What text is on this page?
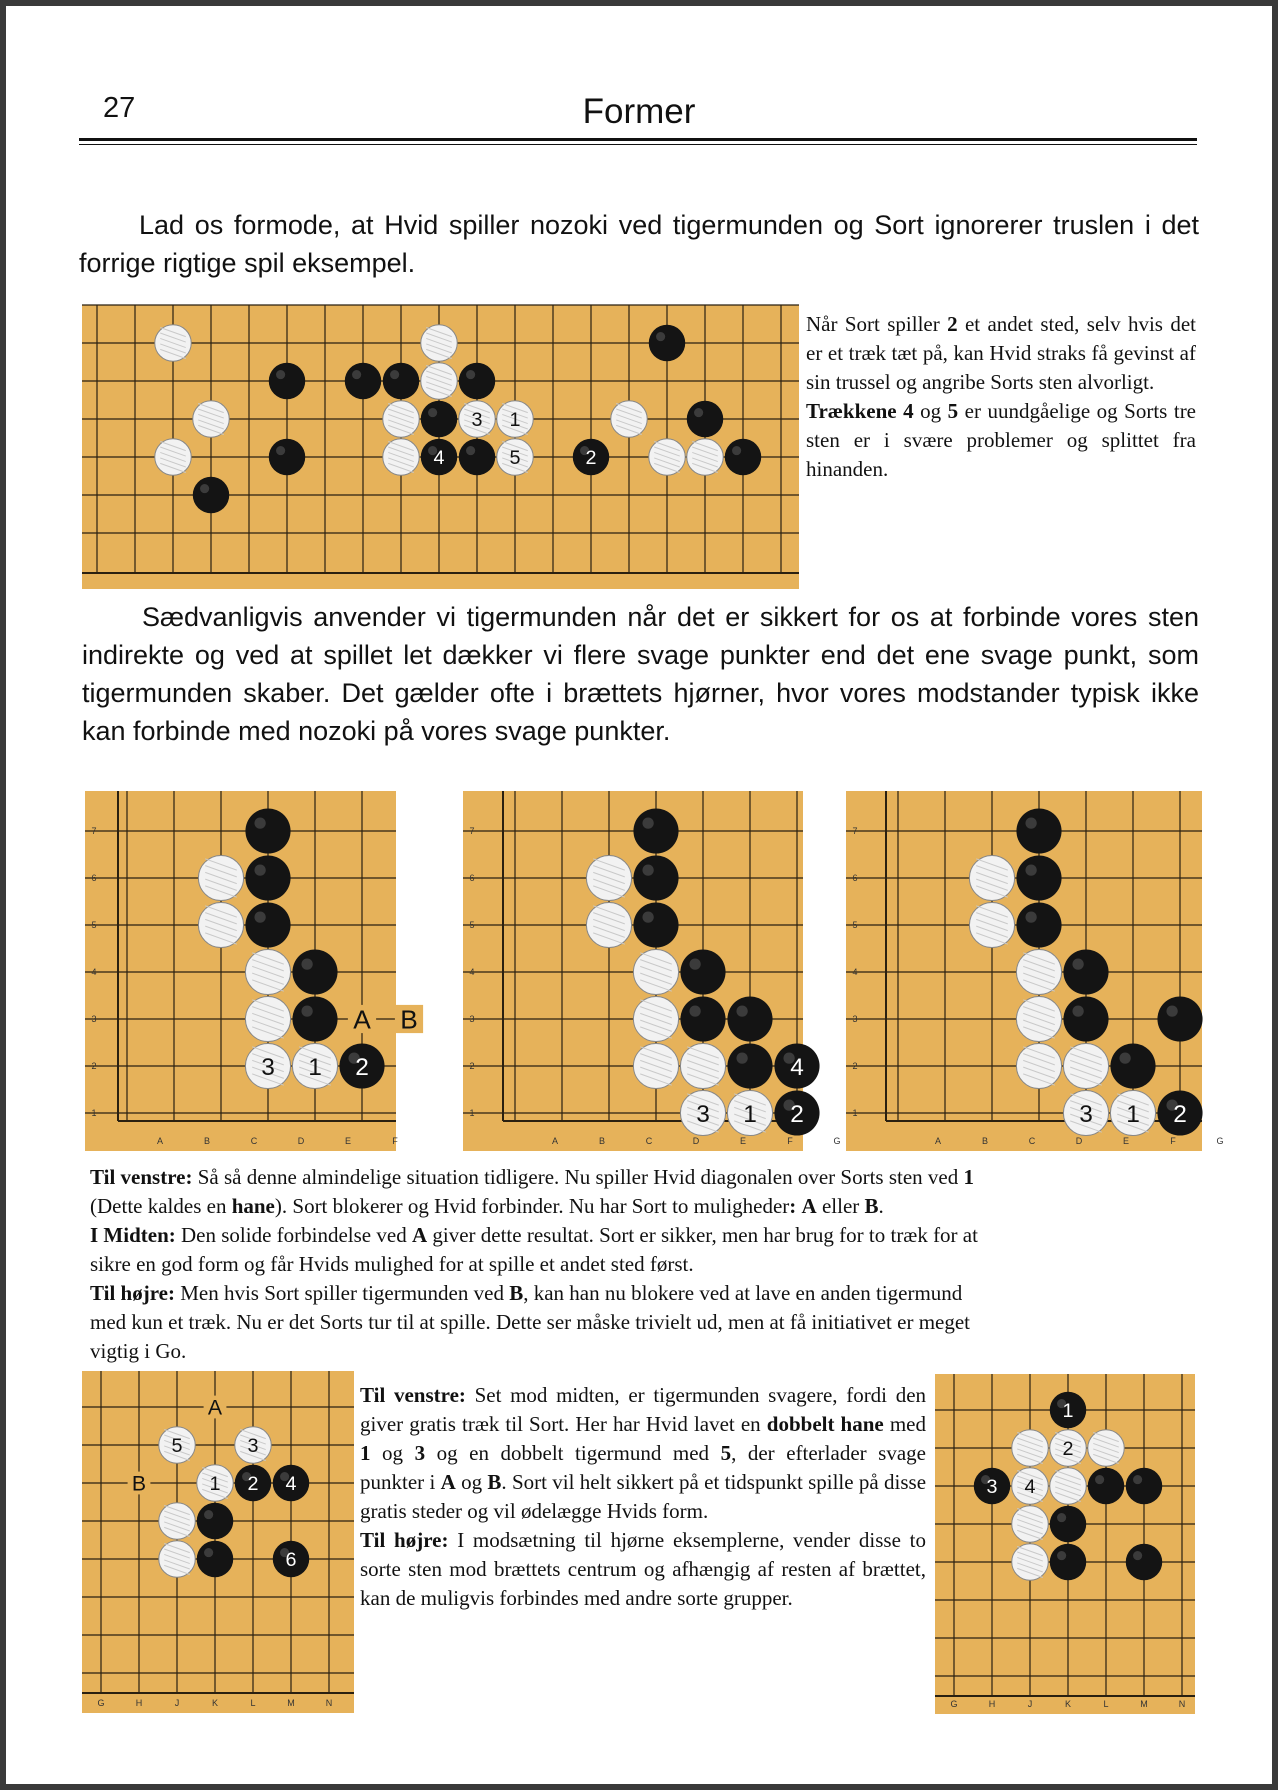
27	Former
Lad os formode, at Hvid spiller nozoki ved tigermunden og Sort ignorerer truslen i det forrige rigtige spil eksempel.
3 1
4	5	2
Når Sort spiller 2 et andet sted, selv hvis det er et træk tæt på, kan Hvid straks få gevinst af sin trussel og angribe Sorts sten alvorligt.
Trækkene 4 og 5 er uundgåelige og Sorts tre sten er i svære problemer og splittet fra hinanden.
Sædvanligvis anvender vi tigermunden når det er sikkert for os at forbinde vores sten indirekte og ved at spillet let dækker vi flere svage punkter end det ene svage punkt, som tigermunden skaber. Det gælder ofte i brættets hjørner, hvor vores modstander typisk ikke kan forbinde med nozoki på vores svage punkter.
A	B	C	D	E	F
7
6
5
4
3
2
1
3 1 2
A B
A	B	C	D	E	F	G
7
6
5
4
3
2
1
4
3 1 2
A	B	C	D	E	F	G
7
6
5
4
3
2
1	3 1 2
Til venstre: Så så denne almindelige situation tidligere. Nu spiller Hvid diagonalen over Sorts sten ved 1
(Dette kaldes en hane). Sort blokerer og Hvid forbinder. Nu har Sort to muligheder: A eller B.
I Midten: Den solide forbindelse ved A giver dette resultat. Sort er sikker, men har brug for to træk for at
sikre en god form og får Hvids mulighed for at spille et andet sted først.
Til højre: Men hvis Sort spiller tigermunden ved B, kan han nu blokere ved at lave en anden tigermund
med kun et træk. Nu er det Sorts tur til at spille. Dette ser måske trivielt ud, men at få initiativet er meget
vigtig i Go.
G	H	J	K	L	M	N
5	3
1 2 4
6
A
B
Til venstre: Set mod midten, er tigermunden svagere, fordi den giver gratis træk til Sort. Her har Hvid lavet en dobbelt hane med 1 og 3 og en dobbelt tigermund med 5, der efterlader svage punkter i A og B. Sort vil helt sikkert på et tidspunkt spille på disse gratis steder og vil ødelægge Hvids form.
Til højre: I modsætning til hjørne eksemplerne, vender disse to sorte sten mod brættets centrum og afhængig af resten af brættet, kan de muligvis forbindes med andre sorte grupper.
G	H	J	K	L	M	N
1
2
3 4
